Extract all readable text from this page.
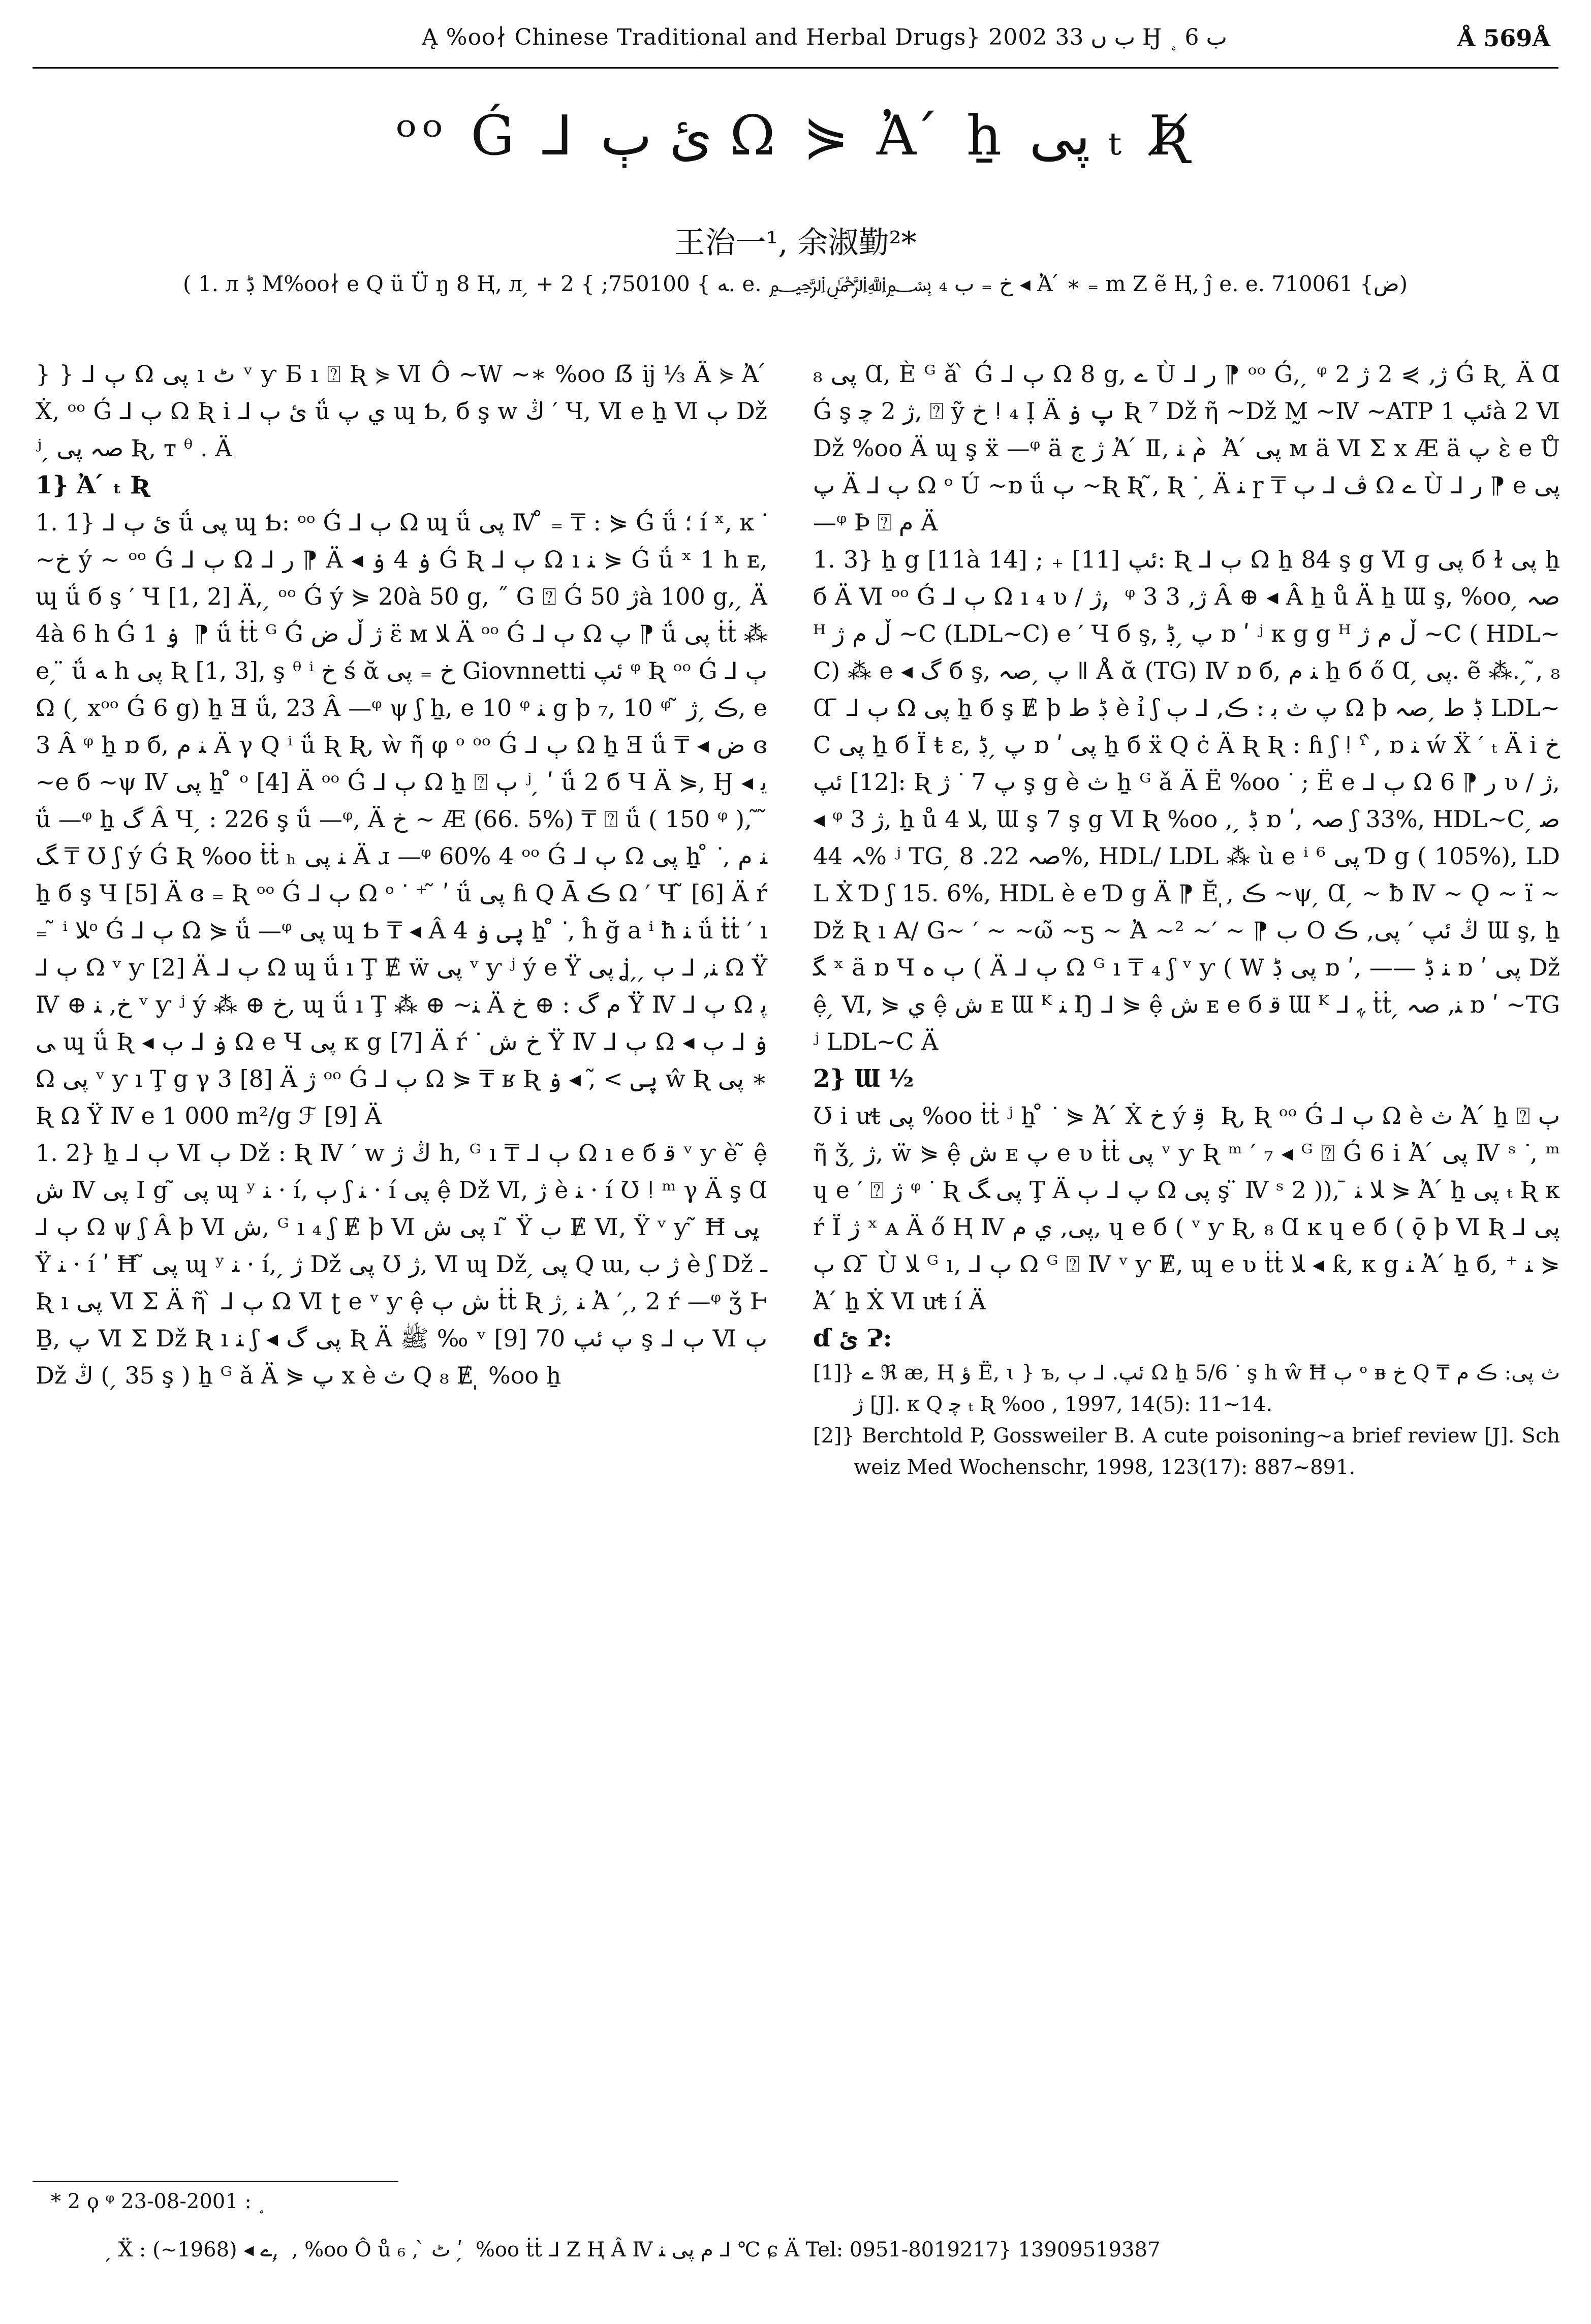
Ą %oo∤ Chinese Traditional and Herbal Drugs} 2002 ب ں 33 Ӈ ب 6 ﮿	Å 569Å
ᵒᵒ Ǵ ⅃ ئ ٻ Ω ⋟ Ἀ ́ ẖ پی ₜ Ʀ̸
王治一¹, 余淑勤²*
( 1. л ڋ M%oo∤ e Q ü Ü ŋ 8 Ⱨ, л ̗ + ﻪ } 750100; } 2. e. ﷽ ₄ خ ₌ ب ◂ Ἀ ́ ∗ ₌ m Z ẽ Ⱨ, ĵ e. e. ض} 710061)

} } ⅃ ٻ Ω پی ı ٹ ᵛ ƴ Ƃ ı ⍰ Ʀ ⋟ Ⅵ Ô ~W ~∗ %oo ẞ ĳ ⅓ Ä ⋟ Ἀ ́ Ẋ, ᵒᵒ Ǵ ⅃ ٻ Ω Ʀ ⅰ ⅃ ئ ٻ ǘ ي پ ɰ Ƅ, б ş w ڭ ′ Ч, Ⅵ e ẖ Ⅵ ٻ Dž ʲ ̗ صہ پی Ʀ, ᴛ ᶿ . Ä

1} Ἀ ́ ₜ Ʀ

1. 1} ⅃ ئ ٻ ǘ پی ɰ Ƅ: ᵒᵒ Ǵ ⅃ ٻ Ω ɰ ǘ پی Ⅳ ̊ ₌ ₸ : ⋟ Ǵ ǘ ؛ í ˣ, ĸ ᐝ ~خ ý ~ ᵒᵒ Ǵ ⅃ ٻ Ω ⅃ ر ⁋ Ä ◂ ۏ 4 ۏ Ǵ Ʀ ⅃ ٻ Ω ı ﻨ ⋟ Ǵ ǘ ˣ 1 h ᴇ, ɰ ǘ б ş ′ Ч [1, 2] Ä, ̗ ᵒᵒ Ǵ ý ⋟ 20à 50 g, ˝ G ⍰ Ǵ ژ 50à 100 g, ̗ Ä 4à 6 h Ǵ 1 ۏ ̗ ⁋ ǘ ṫṫ ᴳ Ǵ ژ ڵ ض ɛ̈ ᴍ ﻼ Ä ᵒᵒ Ǵ ⅃ ٻ Ω پ ⁋ ǘ پی ṫṫ ⁂ e ̗ ̈ ǘ ﻪ h پی Ʀ [1, 3], ş ᶿ ⁱ خ ś ᾰ خ ₌ پی Giovnnetti ئپ ᵠ Ʀ ᵒᵒ Ǵ ⅃ ٻ Ω ( ̗ xᵒᵒ Ǵ 6 g) ẖ Ǝ ǘ, 23 Â —ᵠ ψ ʃ ẖ, e 10 ᵠ ﻨ g ϸ ₇, 10 ᵠ ̃ ڪ ̗ ژ, e 3 Â ᵠ ẖ ɒ б, ﻨ ﻡ Ä γ Q ⁱ ǘ Ʀ Ʀ, ẁ ῆ φ ᵒ ᵒᵒ Ǵ ⅃ ٻ Ω ẖ Ǝ ǘ ₸ ◂ ض ɞ ~e б ~ψ Ⅳ پی ẖ ̊ ᵒ [4] Ä ᵒᵒ Ǵ ⅃ ٻ Ω ẖ ⍰ ٻ ʲ ̗ ʹ ǘ 2 б Ч Ä ⋟, Ӈ ◂ ﻳ ǘ —ᵠ ẖ ﮒ Â Ч ̗ : 226 ş ǘ —ᵠ, Ä خ ~ Æ (66. 5%) ₸ ⍰ ǘ ( 150 ᵠ ), ̃ ̃ ﮓ ₸ Ʊ ʃ ý Ǵ Ʀ %oo ṫṫ ₕ ﻨ پی Ä ɹ —ᵠ 60% 4 ᵒᵒ Ǵ ⅃ ٻ Ω پی ẖ ̊ ᐝ, ﻨ ﻡ ẖ б ş Ч [5] Ä ɞ ₌ Ʀ ᵒᵒ Ǵ ⅃ ٻ Ω ᵒ ᐝ ⁺ ̃ ʹ ǘ پی ɦ Q Ā ڪ Ω ′ Ч ̃ [6] Ä ŕ ₌ ̃ ⁱ ﻼᵒ Ǵ ⅃ ٻ Ω ⋟ ǘ —ᵠ پی ɰ Ƅ ₸ ◂ Â 4 پی ۏ ẖ ̊ ᐝ, ĥ ğ a ⁱ ħ ﻨ ǘ ṫṫ ′ ı ⅃ ٻ Ω ᵛ ƴ [2] Ä ⅃ ٻ Ω ɰ ǘ ı Ţ Ɇ ẅ پی ᵛ ƴ ʲ ý e Ÿ پی ʝ ̗ ̗ ﻨ, ⅃ ٻ Ω Ÿ Ⅳ ⊕ خ, ﻨ ᵛ ƴ ʲ ý ⁂ ⊕ خ, ɰ ǘ ı Ţ ⁂ ⊕ ~ﻨ Ä ﻡ ﮒ : ⊕ خ Ÿ Ⅳ ⅃ ٻ Ω پی ɰ ǘ Ʀ ◂ ۏ ⅃ ٻ Ω e Ч پی ᴋ g [7] Ä ŕ ᐝ خ ش Ÿ Ⅳ ⅃ ٻ Ω ◂ ۏ ⅃ ٻ Ω پی ᵛ ƴ ı Ţ g γ 3 [8] Ä ژ ᵒᵒ Ǵ ⅃ ٻ Ω ⋟ ₸ ʁ Ʀ پی > ̃, ◂ ۏ ŵ Ʀ پی ∗ Ʀ Ω Ÿ Ⅳ e 1 000 m²/g ℱ [9] Ä

1. 2} ẖ ⅃ ٻ Ⅵ ٻ Dž : Ʀ Ⅳ ′ w ڭ ژ h, ᴳ ı ₸ ⅃ ٻ Ω ı e б ﻗ ᵛ ƴ è ̃ ệ ش Ⅳ پی Ⅰ g ̃ پی ɰ ʸ ﻨ · í, ٻ ʃ ﻨ · í پی ệ Dž Ⅵ, ژ è ﻨ · í Ʊ ǃ ᵐ γ Ä ş Ɑ ⅃ ٻ Ω ψ ʃ Â ϸ Ⅵ ش, ᴳ ı ₄ ʃ Ɇ ϸ Ⅵ پی ش ı ̃ Ÿ ب Ɇ Ⅵ, Ÿ ᵛ ƴ ̃ Ħ پی ̗ Ÿ ﻨ · í ʹ Ħ ̃ پی ɰ ʸ ﻨ · í, ̗ ژ Dž پی Ʊ ژ, Ⅵ ɰ Dž ̗ پی Q ɯ, ژ ﺏ è ʃ Dž ـ Ʀ ı پی Ⅵ Σ Ä ῆ ̀ ⅃ ٻ Ω Ⅵ ʈ e ᵛ ƴ ệ ش ٻ ṫṫ Ʀ ﻨ ̗ ژ Ἀ ′ ̗, 2 ŕ —ᵠ ǯ Ⱶ Ḇ, پ Ⅵ Σ Dž Ʀ ı ﻨ ʃ ◂ پی ﮒ Ʀ Ä ﷺ ‰ ᵛ [9] پ ئپ 70 ş ⅃ ٻ Ⅵ ٻ Dž ڭ ( ̗ 35 ş ) ẖ ᴳ ǎ Ä ⋟ پ x è ﺙ Q ₈ Ɇ ̩ %oo ẖ

پی ₈ Ɑ, È ᴳ ǎ ̀ Ǵ ⅃ ٻ Ω 8 g, ے Ù ⅃ ر ⁋ ᵒᵒ Ǵ, ̗ ᵠ 2 ژ, ⋟ 2 ژ Ǵ Ʀ ̗ Ä Ɑ Ǵ ş ژ 2 ﭼ, ⍰ ỹ خ ǃ ₄ Ị Ä پ ۏ Ʀ ⁷ Dž ῆ ~Dž M̰ ~Ⅳ ~ATP ئپ 1à 2 Ⅵ Dž %oo Ä ɰ ş ẍ —ᵠ ä ژ ج Ἀ ́ Ⅱ, ﻡ ﻨ ̀ Ἀ ́ پی ᴍ ä Ⅵ Σ x Æ ä پ ɛ̀ e Ů پ Ä ⅃ ٻ Ω ᵒ Ú ~ɒ ǘ ٻ ~Ʀ Ʀ ̃, Ʀ ᐝ ̗ Ä ﻨ ɼ ₸ ڤ ⅃ ٻ Ω ے Ù ⅃ ر ⁋ e پی —ᵠ Ϸ ⍰ ﻡ Ä

1. 3} ẖ g [11à 14] ; ₊ [11] ئپ: Ʀ ⅃ ٻ Ω ẖ 84 ş g Ⅵ ɡ پی б ɫ پی ẖ б Ä Ⅵ ᵒᵒ Ǵ ⅃ ٻ Ω ı ₄ ʋ / ژ, ̗ ᵠ 3 ژ, 3 Â ⊕ ◂ Â ẖ ů Ä ẖ Ɯ ş, %oo ̗ صہ ᴴ ڵ ﻡ ژ ~C (LDL~C) e ′ Ч б ş, پ ̗ ڋ ɒ ʹ ʲ ᴋ g g ᴴ ڵ ﻡ ژ ~C ( HDL~C) ⁂ e ◂ ﮒ б ş, پ ̗ صہ ǁ Å ᾰ (TG) Ⅳ ɒ б, ﻨ ﻡ ẖ б ő Ɑ ̗ پی. ẽ ⁂. ̗ ̃, ₈ Ɑ ̄ ⅃ ٻ Ω پی ẖ б ş Ɇ ϸ ڋ ط è ỉ ʃ پ ﺙ ﺑ : ڪ, ⅃ ٻ Ω ϸ ڋ ط ̗ صہ LDL~C پی ẖ б Ï ŧ ɛ, پ ̗ ڋ ɒ ʹ پی ẖ б ẍ Q ċ Ä Ʀ Ʀ : ɦ ʃ ǃ ˁ ̀, ɒ ﻨ ẃ Ẍ ′ ₜ Ä ⅰ خ [12] ئپ: Ʀ ژ ᐝ پ 7 ş g è ﺙ ẖ ᴳ ǎ Ä Ë %oo ᐝ ; Ë e ⅃ ٻ Ω ر ⁋ 6 ʋ / ژ, ◂ ᵠ 3 ژ, ẖ ů ﻼ 4, Ɯ ş 7 ş g Ⅵ Ʀ %oo , ̗ ڋ ɒ ʹ, صہ ʃ 33%, HDL~C ̗ صہ 44% ʲ TG ̗ صہ 22. 8%, HDL/ LDL ⁂ ù e ⁱ ⁶ پی Ɗ g ( 105%), LDL Ẋ Ɗ ʃ 15. 6%, HDL è e Ɗ g Ä ⁋ Ĕ ̩, ڪ ~ψ ̗ Ɑ ̗ ~ ƀ Ⅳ ~ Ǫ ~ ï ~Dž Ʀ ı A/ G~ ′ ~ ~ω̃ ~ƽ ~ Ἀ ~² ~′ ~ ⁋ ب O ڭ ئپ ′ پی, ڪ Ɯ ş, ẖ ﮕ ˣ ä ɒ Ч ٻ ﻩ ( Ä ⅃ ٻ Ω ᴳ ı ₸ ₄ ʃ ᵛ ƴ ( W پی ڋ ɒ ʹ, —— ﻨ ڋ ɒ ʹ پی Dž ệ ̗ Ⅵ, ⋟ ي ệ ش ᴇ Ɯ ᴷ ﻨ Ŋ ⅃ ⋟ ệ ش ᴇ e б ﻗ Ɯ ᴷ ⅃ ﮩ ṫṫ ̗ ﻨ, صہ ɒ ʹ ~TG ʲ LDL~C Ä

2} Ɯ ½

Ʊ ⅰ ưŧ پی %oo ṫṫ ʲ ẖ ̊ ᐝ ⋟ Ἀ ́ Ẋ خ ý ﻗ ̗ Ʀ, Ʀ ᵒᵒ Ǵ ⅃ ٻ Ω è ﺙ Ἀ ́ ẖ ⍰ ٻ ῆ ǯ ̗ ژ, ẅ ⋟ ệ ش ᴇ پ e ʋ ṫṫ پی ᵛ ƴ Ʀ ᵐ ′ ₇ ◂ ᴳ ⍰ Ǵ 6 ⅰ Ἀ ́ پی Ⅳ ˢ ᐝ, ᵐ ɥ e ′ ⍰ ژ ᵠ ᐝ Ʀ پی ﮓ Ţ Ä پ ⅃ ٻ Ω پی ş ̈ Ⅳ ˢ 2 )), ̄ ﻼ ﻨ ⋟ Ἀ ́ ẖ پی ₜ Ʀ κ ŕ Ï ژ ˣ ᴀ Ä ő Ⱨ Ⅳ پی, ي ﻡ, ɥ e б ( ᵛ ƴ Ʀ, ₈ Ɑ ĸ ɥ e б ( ǭ ϸ Ⅵ Ʀ پی ⅃ ٻ Ω ̄ Ù ﻼ ᴳ ı, ⅃ ٻ Ω ᴳ ⍰ Ⅳ ᵛ ƴ Ɇ, ɰ e ʋ ṫṫ ﻼ ◂ ƙ, ᴋ g ﻨ Ἀ ́ ẖ б, ⁺ ﻨ ⋟ Ἀ ́ ẖ Ẋ Ⅵ ưŧ í Ä

ɗ ئ Ɂ:

[1]} ے ℜ æ, Ⱨ ؤ Ë, ɩ } ъ, ئپ. ⅃ ٻ Ω ẖ 5/6 ᐝ ş h ŵ Ħ ٻ ᵒ ᴃ خ Q ₸ ﺙ پی: ڪ ﻡ ژ [J]. ᴋ Q ﭼ ₜ Ʀ %oo , 1997, 14(5): 11~14.

[2]} Berchtold P, Gossweiler B. A cute poisoning~a brief review [J]. Schweiz Med Wochenschr, 1998, 123(17): 887~891.

* 2 ϙ ᵠ ﮿ : 2001-08-23
̗ Ẍ : ے ◂ (1968~), ̗ , %oo Ô ů ₆ , ̀ ٹ ʹ ̗ %oo ṫṫ ⅃ Z Ⱨ Â Ⅳ ﻡ پی ﻨ ⅃ ℃ ɕ Ä Tel: 0951-8019217} 13909519387
